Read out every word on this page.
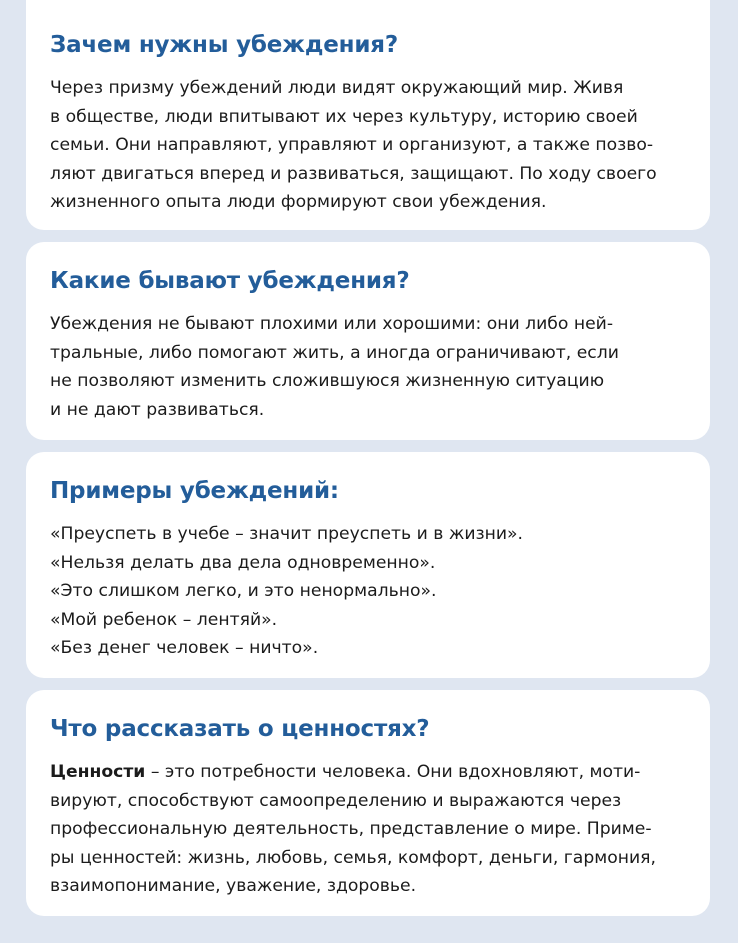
Зачем нужны убеждения?
Через призму убеждений люди видят окружающий мир. Живя
в обществе, люди впитывают их через культуру, историю своей
семьи. Они направляют, управляют и организуют, а также позво-
ляют двигаться вперед и развиваться, защищают. По ходу своего
жизненного опыта люди формируют свои убеждения.
Какие бывают убеждения?
Убеждения не бывают плохими или хорошими: они либо ней-
тральные, либо помогают жить, а иногда ограничивают, если
не позволяют изменить сложившуюся жизненную ситуацию
и не дают развиваться.
Примеры убеждений:
«Преуспеть в учебе – значит преуспеть и в жизни».
«Нельзя делать два дела одновременно».
«Это слишком легко, и это ненормально».
«Мой ребенок – лентяй».
«Без денег человек – ничто».
Что рассказать о ценностях?
Ценности – это потребности человека. Они вдохновляют, моти-
вируют, способствуют самоопределению и выражаются через
профессиональную деятельность, представление о мире. Приме-
ры ценностей: жизнь, любовь, семья, комфорт, деньги, гармония,
взаимопонимание, уважение, здоровье.
